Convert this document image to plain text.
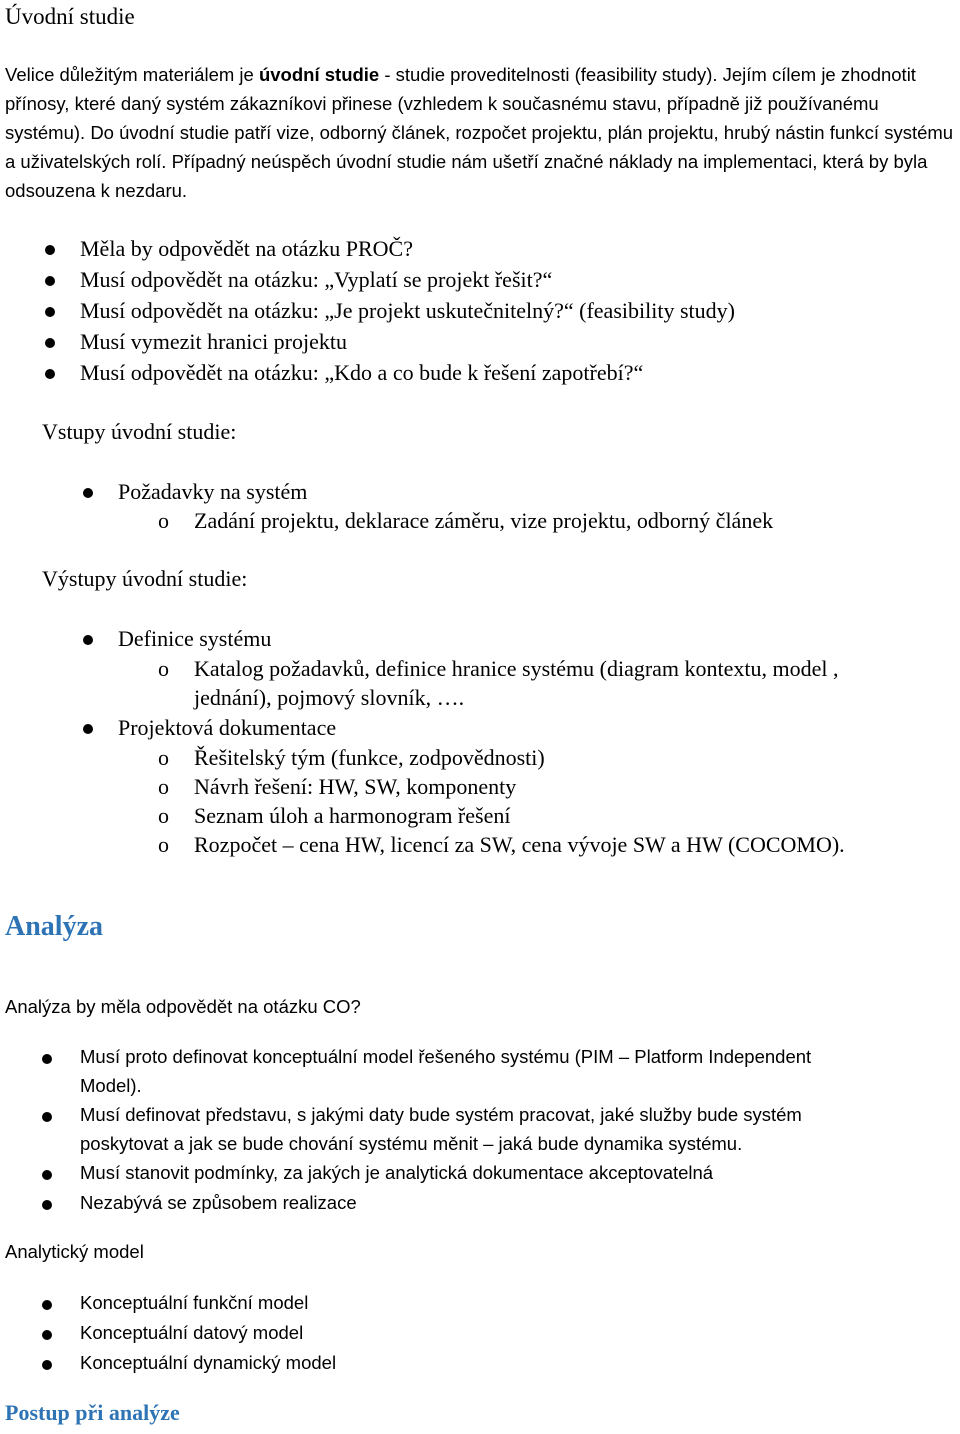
Úvodní studie
Velice důležitým materiálem je úvodní studie - studie proveditelnosti (feasibility study). Jejím cílem je zhodnotit přínosy, které daný systém zákazníkovi přinese (vzhledem k současnému stavu, případně již používanému systému). Do úvodní studie patří vize, odborný článek, rozpočet projektu, plán projektu, hrubý nástin funkcí systému a uživatelských rolí. Případný neúspěch úvodní studie nám ušetří značné náklady na implementaci, která by byla odsouzena k nezdaru.
Měla by odpovědět na otázku PROČ?
Musí odpovědět na otázku: „Vyplatí se projekt řešit?“
Musí odpovědět na otázku: „Je projekt uskutečnitelný?“ (feasibility study)
Musí vymezit hranici projektu
Musí odpovědět na otázku: „Kdo a co bude k řešení zapotřebí?“
Vstupy úvodní studie:
Požadavky na systém
o Zadání projektu, deklarace záměru, vize projektu, odborný článek
Výstupy úvodní studie:
Definice systému
o Katalog požadavků, definice hranice systému (diagram kontextu, model ,
jednání), pojmový slovník, ….
Projektová dokumentace
o Řešitelský tým (funkce, zodpovědnosti)
o Návrh řešení: HW, SW, komponenty
o Seznam úloh a harmonogram řešení
o Rozpočet – cena HW, licencí za SW, cena vývoje SW a HW (COCOMO).
Analýza
Analýza by měla odpovědět na otázku CO?
Musí proto definovat konceptuální model řešeného systému (PIM – Platform Independent
Model).
Musí definovat představu, s jakými daty bude systém pracovat, jaké služby bude systém
poskytovat a jak se bude chování systému měnit – jaká bude dynamika systému.
Musí stanovit podmínky, za jakých je analytická dokumentace akceptovatelná
Nezabývá se způsobem realizace
Analytický model
Konceptuální funkční model
Konceptuální datový model
Konceptuální dynamický model
Postup při analýze
